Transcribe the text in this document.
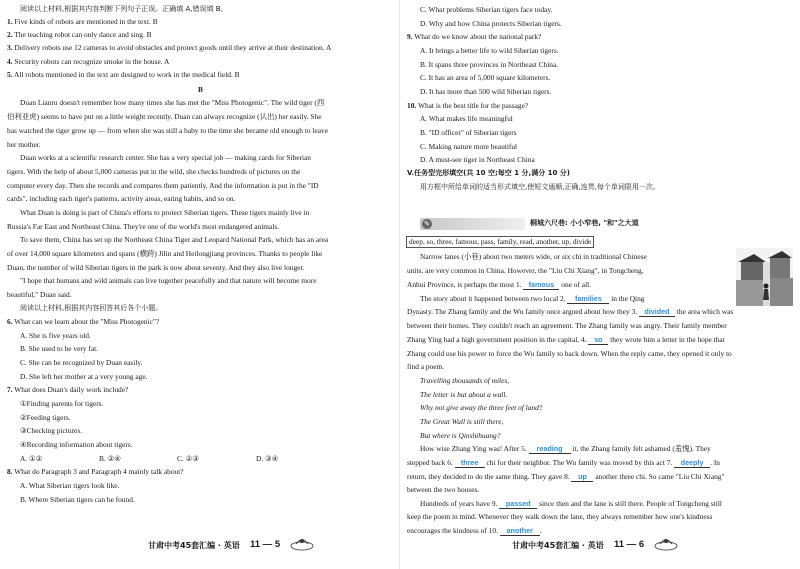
阅读以上材料,根据其内容判断下列句子正误。正确填 A,错误填 B。
1. Five kinds of robots are mentioned in the text. B
2. The teaching robot can only dance and sing. B
3. Delivery robots use 12 cameras to avoid obstacles and protect goods until they arrive at their destination. A
4. Security robots can recognize smoke in the house. A
5. All robots mentioned in the text are designed to work in the medical field. B
B
Duan Lianru doesn't remember how many times she has met the "Miss Photogenic". The wild tiger (西
伯利亚虎) seems to have put on a little weight recently. Duan can always recognize (认出) her easily. She
has watched the tiger grow up — from when she was still a baby to the time she became old enough to leave
her mother.
Duan works at a scientific research center. She has a very special job — making cards for Siberian
tigers. With the help of about 5,000 cameras put in the wild, she checks hundreds of pictures on the
computer every day. Then she records and compares them patiently. And the information is put in the "ID
cards", including each tiger's patterns, activity areas, eating habits, and so on.
What Duan is doing is part of China's efforts to protect Siberian tigers. These tigers mainly live in
Russia's Far East and Northeast China. They're one of the world's most endangered animals.
To save them, China has set up the Northeast China Tiger and Leopard National Park, which has an area
of over 14,000 square kilometers and spans (横跨) Jilin and Heilongjiang provinces. Thanks to people like
Duan, the number of wild Siberian tigers in the park is now about seventy. And they also live longer.
"I hope that humans and wild animals can live together peacefully and that nature will become more
beautiful," Duan said.
阅读以上材料,根据其内容回答其后各个小题。
6. What can we learn about the "Miss Photogenic"?
A. She is five years old.
B. She used to be very fat.
C. She can be recognized by Duan easily.
D. She left her mother at a very young age.
7. What does Duan's daily work include?
①Finding parents for tigers.
②Feeding tigers.
③Checking pictures.
④Recording information about tigers.
A. ①②	B. ②④	C. ②③	D. ③④
8. What do Paragraph 3 and Paragraph 4 mainly talk about?
A. What Siberian tigers look like.
B. Where Siberian tigers can be found.
甘肃中考45套汇编 · 英语 11 — 5
C. What problems Siberian tigers face today.
D. Why and how China protects Siberian tigers.
9. What do we know about the national park?
A. It brings a better life to wild Siberian tigers.
B. It spans three provinces in Northeast China.
C. It has an area of 5,000 square kilometers.
D. It has more than 500 wild Siberian tigers.
10. What is the best title for the passage?
A. What makes life meaningful
B. "ID officer" of Siberian tigers
C. Making nature more beautiful
D. A must-see tiger in Northeast China
V.任务型完形填空(共 10 空;每空 1 分,满分 10 分)
用方框中所给单词的适当形式填空,使短文通顺,正确,连贯,每个单词限用一次。
✎	桐城六尺巷: 小小窄巷, "和"之大道
deep, so, three, famous, pass, family, read, another, up, divide
Narrow lanes (小巷) about two meters wide, or six chi in traditional Chinese
units, are very common in China. However, the "Liu Chi Xiang", in Tongcheng,
Anhui Province, is perhaps the most 1. famous one of all.
The story about it happened between two local 2. families in the Qing
Dynasty. The Zhang family and the Wu family once argued about how they 3. divided the area which was
between their homes. They couldn't reach an agreement. The Zhang family was angry. Their family member
Zhang Ying had a high government position in the capital, 4. so they wrote him a letter in the hope that
Zhang could use his power to force the Wu family to back down. When the reply came, they opened it only to
find a poem.
Travelling thousands of miles,
The letter is but about a wall.
Why not give away the three feet of land?
The Great Wall is still there,
But where is Qinshihuang?
How wise Zhang Ying was! After 5. reading it, the Zhang family felt ashamed (羞愧). They
stepped back 6. three chi for their neighbor. The Wu family was moved by this act 7. deeply . In
return, they decided to do the same thing. They gave 8. up another three chi. So came "Liu Chi Xiang"
between the two houses.
Hundreds of years have 9. passed since then and the lane is still there. People of Tongcheng still
keep the poem in mind. Whenever they walk down the lane, they always remember how one's kindness
encourages the kindness of 10. another .
甘肃中考45套汇编 · 英语 11 — 6
